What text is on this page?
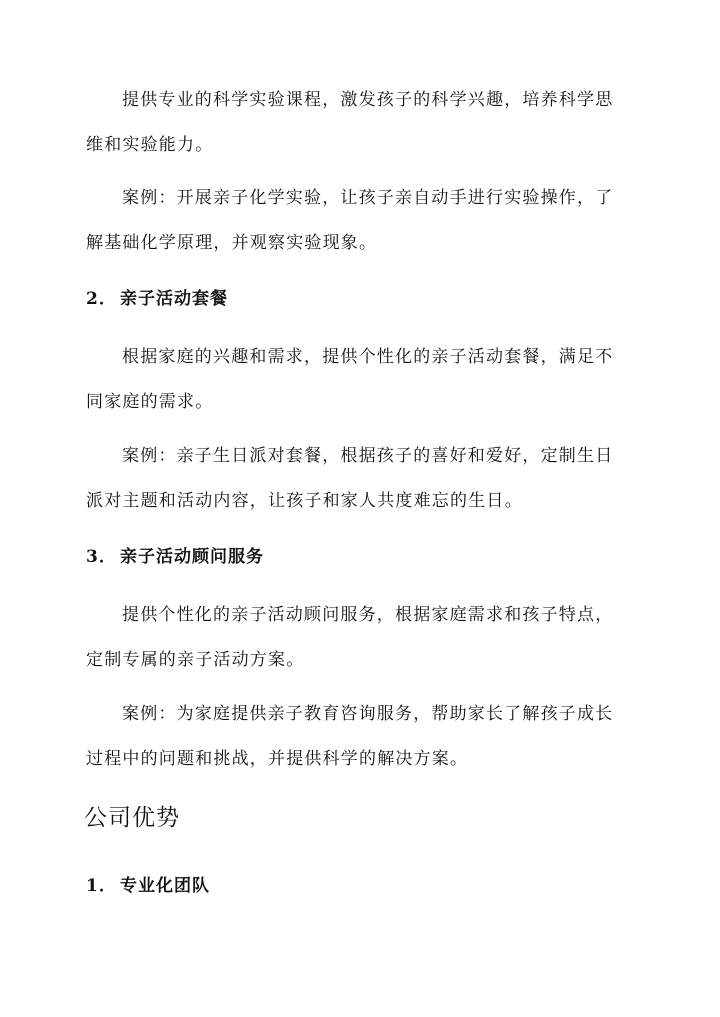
提供专业的科学实验课程，激发孩子的科学兴趣，培养科学思
维和实验能力。
案例：开展亲子化学实验，让孩子亲自动手进行实验操作，了
解基础化学原理，并观察实验现象。
2． 亲子活动套餐
根据家庭的兴趣和需求，提供个性化的亲子活动套餐，满足不
同家庭的需求。
案例：亲子生日派对套餐，根据孩子的喜好和爱好，定制生日
派对主题和活动内容，让孩子和家人共度难忘的生日。
3． 亲子活动顾问服务
提供个性化的亲子活动顾问服务，根据家庭需求和孩子特点，
定制专属的亲子活动方案。
案例：为家庭提供亲子教育咨询服务，帮助家长了解孩子成长
过程中的问题和挑战，并提供科学的解决方案。
公司优势
1． 专业化团队
